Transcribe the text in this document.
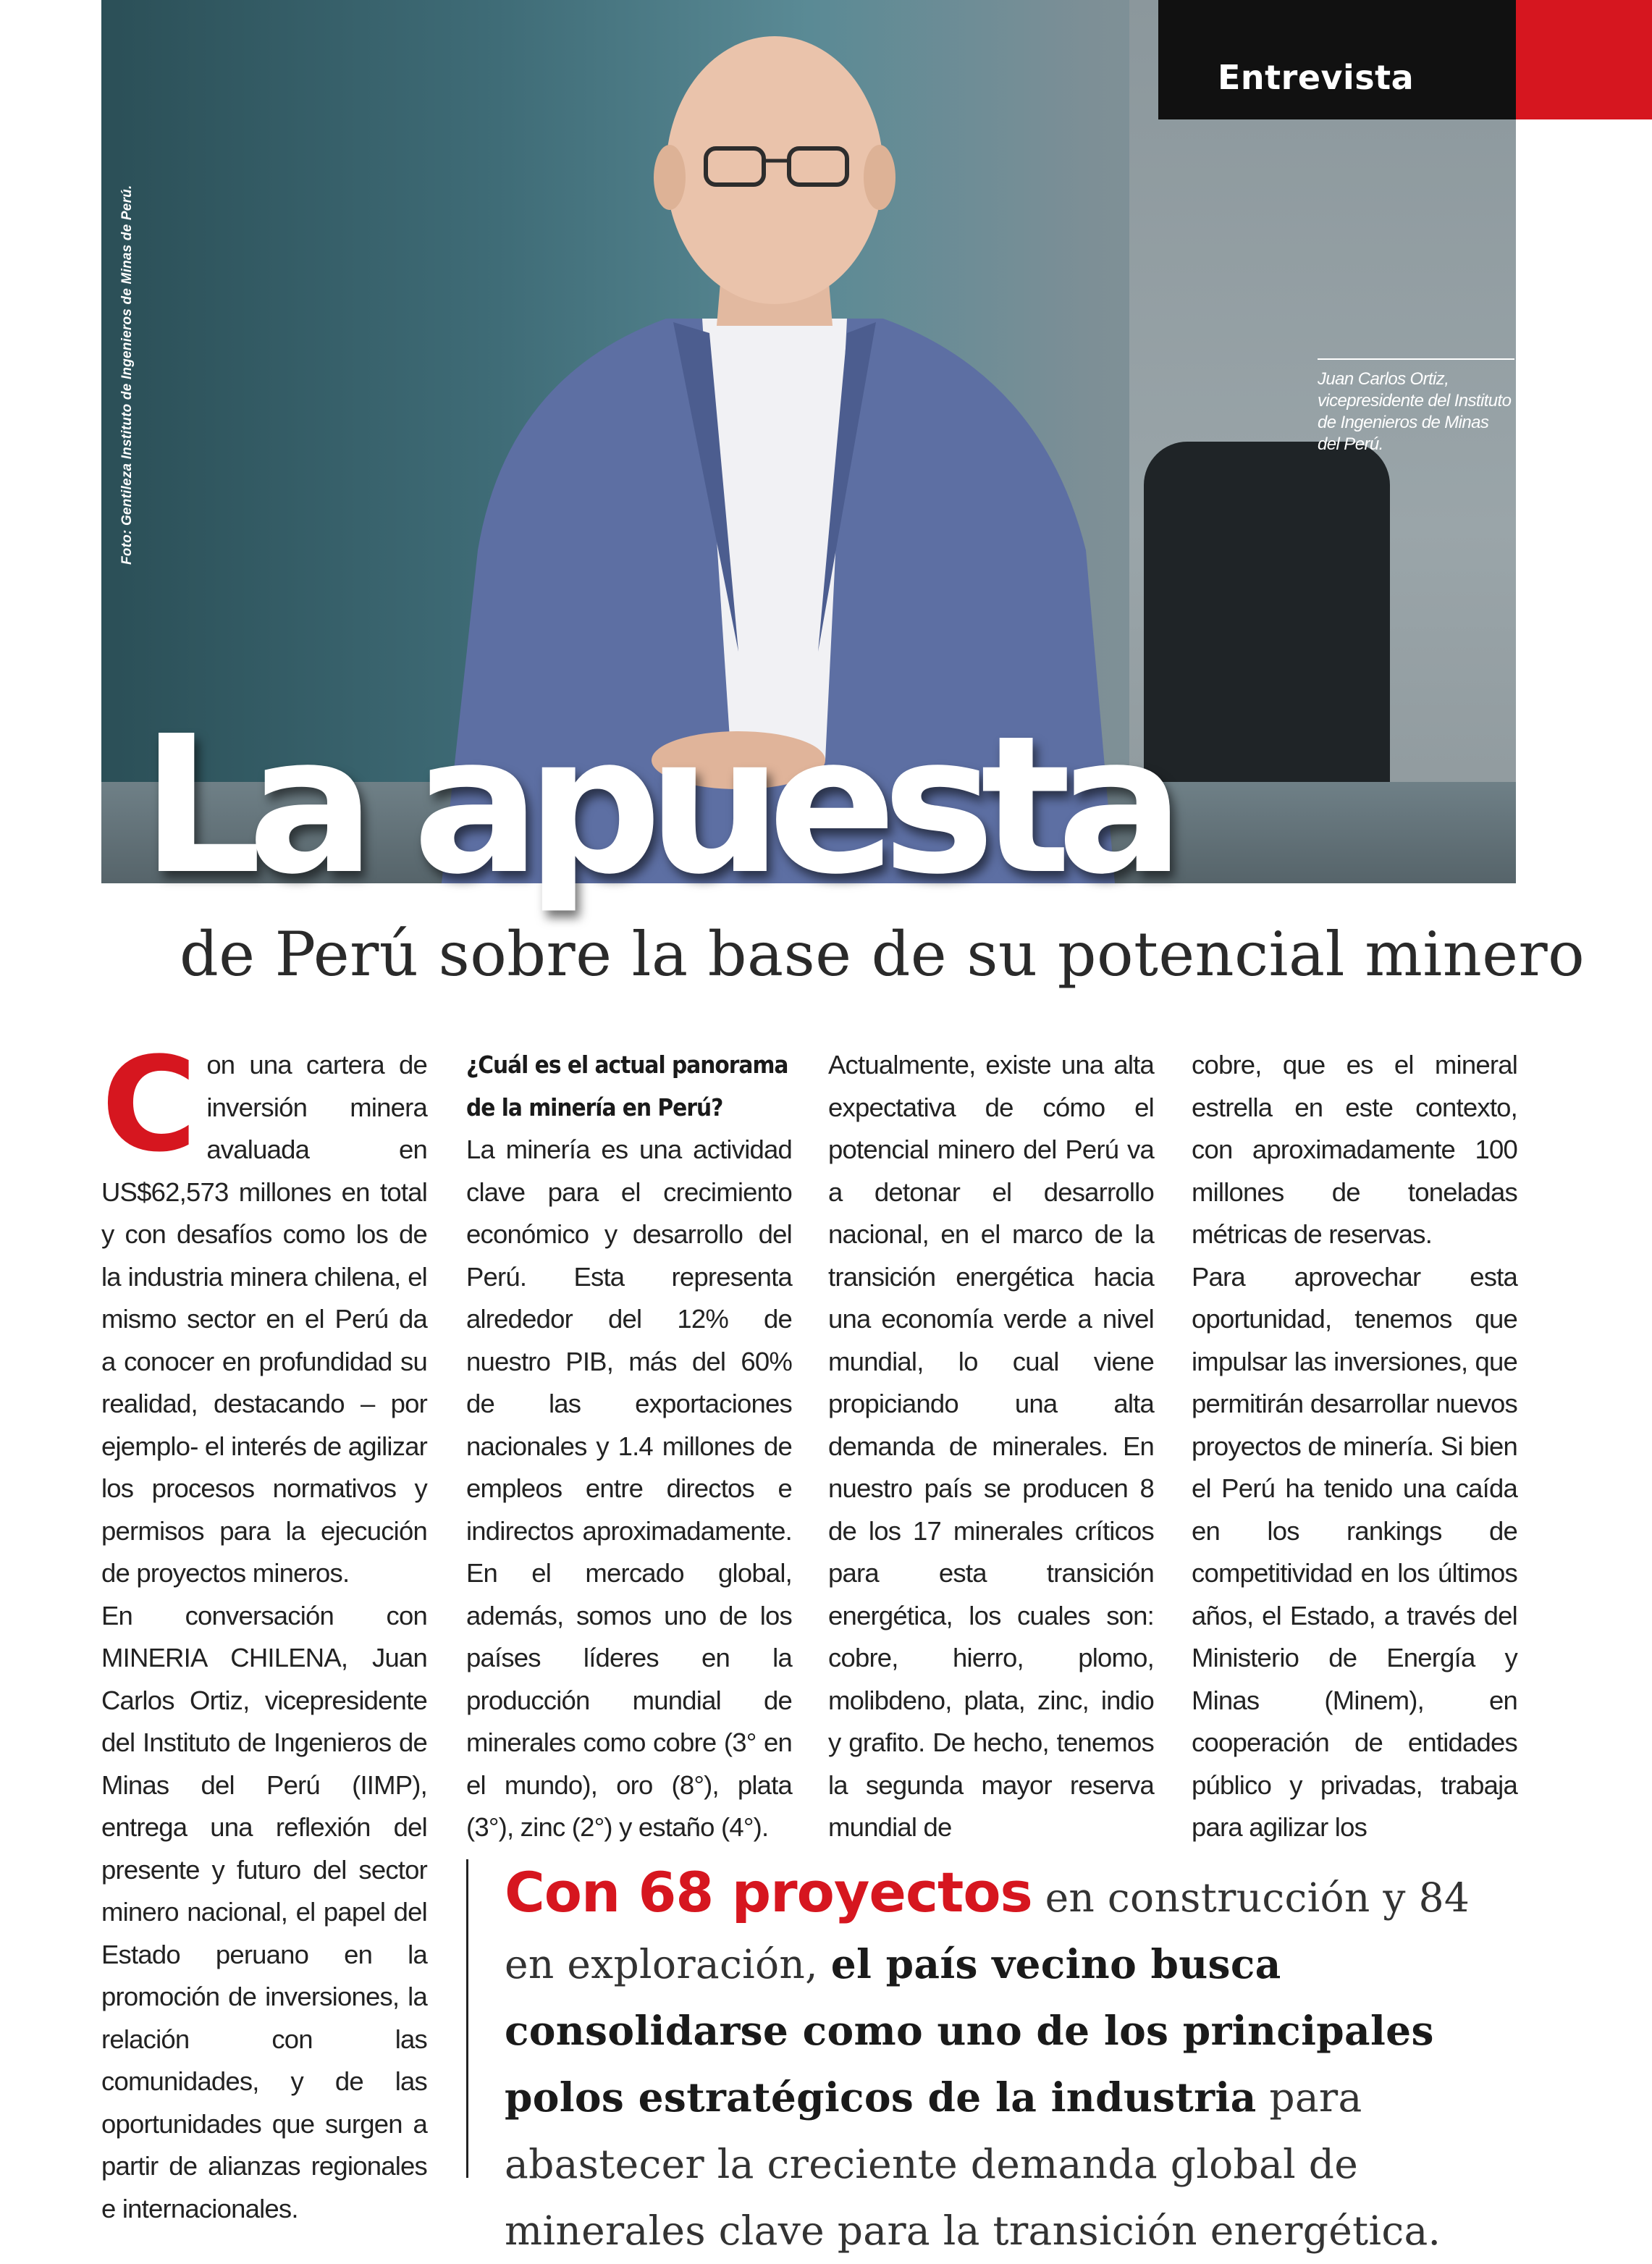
Foto: Gentileza Instituto de Ingenieros de Minas de Perú.	Juan Carlos Ortiz, vicepresidente del Instituto de Ingenieros de Minas del Perú.
Entrevista
La apuesta
de Perú sobre la base de su potencial minero

Con una cartera de inversión minera avaluada en US$62,573 millones en total y con desafíos como los de la industria minera chilena, el mismo sector en el Perú da a conocer en profundidad su realidad, destacando – por ejemplo- el interés de agilizar los procesos normativos y permisos para la ejecución de proyectos mineros.

En conversación con MINERIA CHILENA, Juan Carlos Ortiz, vicepresidente del Instituto de Ingenieros de Minas del Perú (IIMP), entrega una reflexión del presente y futuro del sector minero nacional, el papel del Estado peruano en la promoción de inversiones, la relación con las comunidades, y de las oportunidades que surgen a partir de alianzas regionales e internacionales.

¿Cuál es el actual panorama de la minería en Perú?

La minería es una actividad clave para el crecimiento económico y desarrollo del Perú. Esta representa alrededor del 12% de nuestro PIB, más del 60% de las exportaciones nacionales y 1.4 millones de empleos entre directos e indirectos aproximadamente. En el mercado global, además, somos uno de los países líderes en la producción mundial de minerales como cobre (3° en el mundo), oro (8°), plata (3°), zinc (2°) y estaño (4°).

Actualmente, existe una alta expectativa de cómo el potencial minero del Perú va a detonar el desarrollo nacional, en el marco de la transición energética hacia una economía verde a nivel mundial, lo cual viene propiciando una alta demanda de minerales. En nuestro país se producen 8 de los 17 minerales críticos para esta transición energética, los cuales son: cobre, hierro, plomo, molibdeno, plata, zinc, indio y grafito. De hecho, tenemos la segunda mayor reserva mundial de

cobre, que es el mineral estrella en este contexto, con aproximadamente 100 millones de toneladas métricas de reservas.

Para aprovechar esta oportunidad, tenemos que impulsar las inversiones, que permitirán desarrollar nuevos proyectos de minería. Si bien el Perú ha tenido una caída en los rankings de competitividad en los últimos años, el Estado, a través del Ministerio de Energía y Minas (Minem), en cooperación de entidades público y privadas, trabaja para agilizar los

Con 68 proyectos en construcción y 84 en exploración, el país vecino busca consolidarse como uno de los principales polos estratégicos de la industria para abastecer la creciente demanda global de minerales clave para la transición energética.
